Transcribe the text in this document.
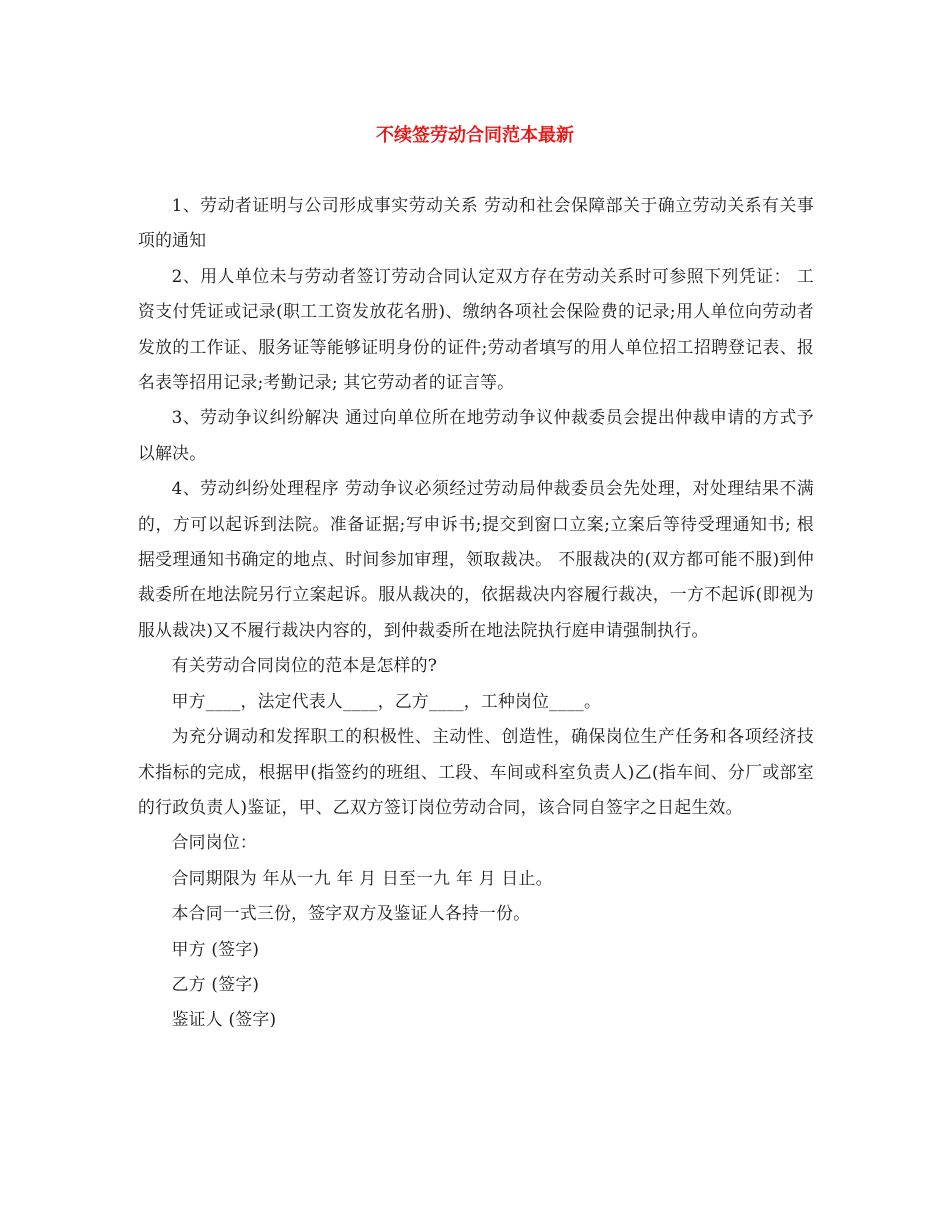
不续签劳动合同范本最新

1、劳动者证明与公司形成事实劳动关系 劳动和社会保障部关于确立劳动关系有关事项的通知

2、用人单位未与劳动者签订劳动合同认定双方存在劳动关系时可参照下列凭证： 工资支付凭证或记录(职工工资发放花名册)、缴纳各项社会保险费的记录;用人单位向劳动者发放的工作证、服务证等能够证明身份的证件;劳动者填写的用人单位招工招聘登记表、报名表等招用记录;考勤记录; 其它劳动者的证言等。

3、劳动争议纠纷解决 通过向单位所在地劳动争议仲裁委员会提出仲裁申请的方式予以解决。

4、劳动纠纷处理程序 劳动争议必须经过劳动局仲裁委员会先处理，对处理结果不满的，方可以起诉到法院。准备证据;写申诉书;提交到窗口立案;立案后等待受理通知书; 根据受理通知书确定的地点、时间参加审理，领取裁决。 不服裁决的(双方都可能不服)到仲裁委所在地法院另行立案起诉。服从裁决的，依据裁决内容履行裁决，一方不起诉(即视为服从裁决)又不履行裁决内容的，到仲裁委所在地法院执行庭申请强制执行。

有关劳动合同岗位的范本是怎样的?

甲方____，法定代表人____，乙方____，工种岗位____。

为充分调动和发挥职工的积极性、主动性、创造性，确保岗位生产任务和各项经济技术指标的完成，根据甲(指签约的班组、工段、车间或科室负责人)乙(指车间、分厂或部室的行政负责人)鉴证，甲、乙双方签订岗位劳动合同，该合同自签字之日起生效。

合同岗位：

合同期限为 年从一九 年 月 日至一九 年 月 日止。

本合同一式三份，签字双方及鉴证人各持一份。

甲方 (签字)

乙方 (签字)

鉴证人 (签字)
